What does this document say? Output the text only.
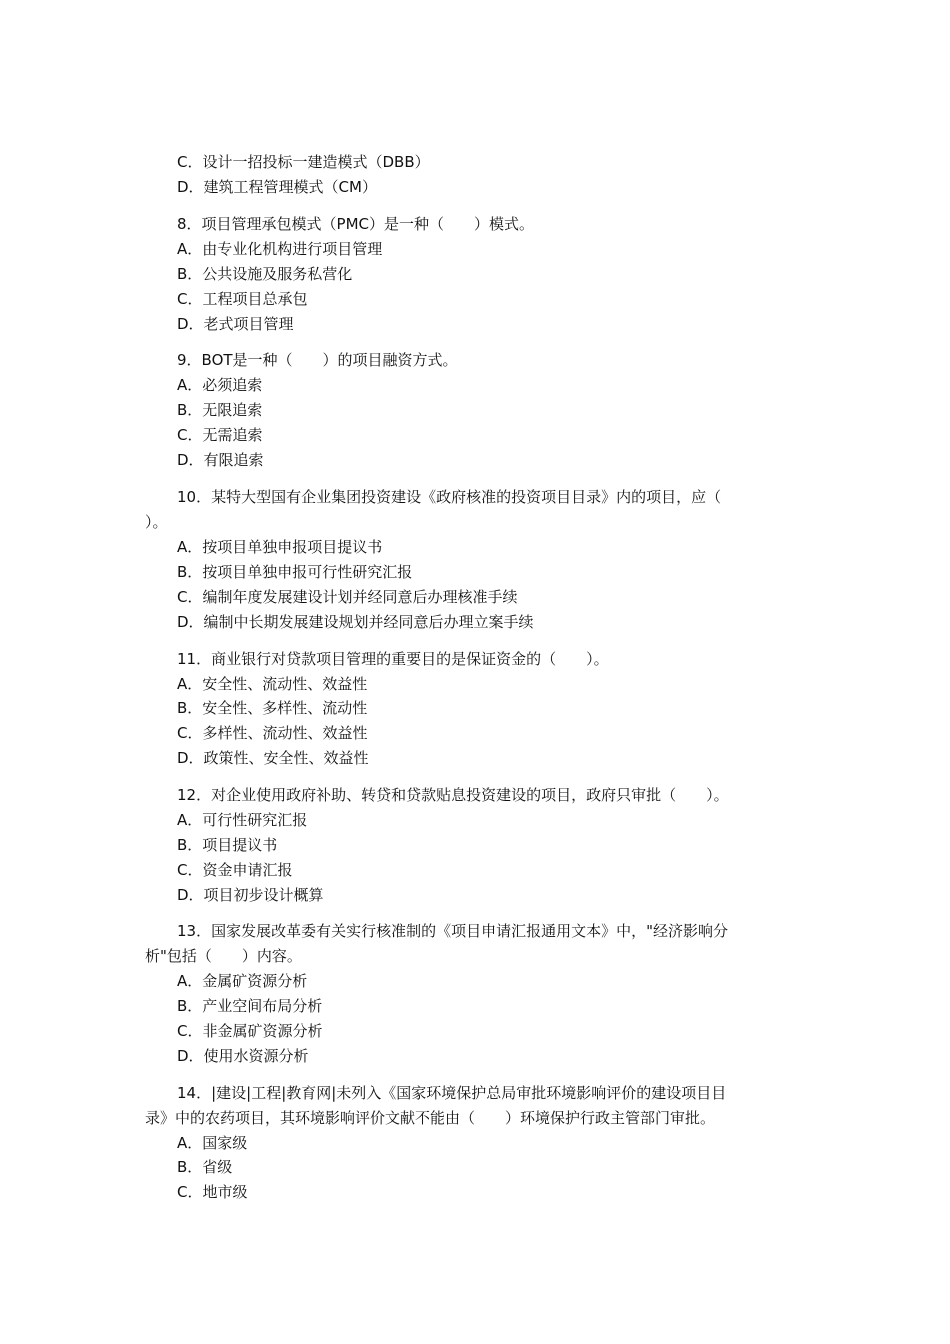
C．设计一招投标一建造模式（DBB）
D．建筑工程管理模式（CM）
8．项目管理承包模式（PMC）是一种（　　）模式。
A．由专业化机构进行项目管理
B．公共设施及服务私营化
C．工程项目总承包
D．老式项目管理
9．BOT是一种（　　）的项目融资方式。
A．必须追索
B．无限追索
C．无需追索
D．有限追索
10．某特大型国有企业集团投资建设《政府核准的投资项目目录》内的项目，应（
）。
A．按项目单独申报项目提议书
B．按项目单独申报可行性研究汇报
C．编制年度发展建设计划并经同意后办理核准手续
D．编制中长期发展建设规划并经同意后办理立案手续
11．商业银行对贷款项目管理的重要目的是保证资金的（　　）。
A．安全性、流动性、效益性
B．安全性、多样性、流动性
C．多样性、流动性、效益性
D．政策性、安全性、效益性
12．对企业使用政府补助、转贷和贷款贴息投资建设的项目，政府只审批（　　）。
A．可行性研究汇报
B．项目提议书
C．资金申请汇报
D．项目初步设计概算
13．国家发展改革委有关实行核准制的《项目申请汇报通用文本》中，"经济影响分
析"包括（　　）内容。
A．金属矿资源分析
B．产业空间布局分析
C．非金属矿资源分析
D．使用水资源分析
14．|建设|工程|教育网|未列入《国家环境保护总局审批环境影响评价的建设项目目
录》中的农药项目，其环境影响评价文献不能由（　　）环境保护行政主管部门审批。
A．国家级
B．省级
C．地市级
